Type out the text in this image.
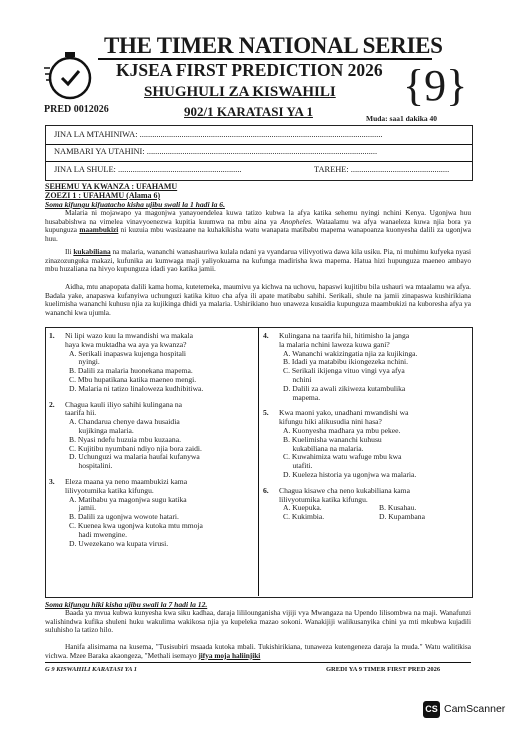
THE TIMER NATIONAL SERIES
KJSEA FIRST PREDICTION 2026
SHUGHULI ZA KISWAHILI
PRED 0012026	902/1 KARATASI YA 1	Muda: saa1 dakika 40
{9}
JINA LA MTAHINIWA: ....................................................................................................................
NAMBARI YA UTAHINI: ..............................................................................................................
JINA LA SHULE: ...........................................................	TAREHE: ...............................................
SEHEMU YA KWANZA : UFAHAMU
ZOEZI 1 : UFAHAMU (Alama 6)
Soma kifungu kifuatacho kisha ujibu swali la 1 hadi la 6.
Malaria ni mojawapo ya magonjwa yanayoendelea kuwa tatizo kubwa la afya katika sehemu nyingi nchini Kenya. Ugonjwa huu husababishwa na vimelea vinavyoenezwa kupitia kuumwa na mbu aina ya Anopheles. Wataalamu wa afya wanaeleza kuwa njia bora ya kupunguza maambukizi ni kuzuia mbu wasizaane na kuhakikisha watu wanapata matibabu mapema wanapoanza kuonyesha dalili za ugonjwa huu.
Ili kukabiliana na malaria, wananchi wanashauriwa kulala ndani ya vyandarua vilivyotiwa dawa kila usiku. Pia, ni muhimu kufyeka nyasi zinazozunguka makazi, kufunika au kumwaga maji yaliyokuama na kufunga madirisha kwa mapema. Hatua hizi hupunguza maeneo ambayo mbu huzaliana na hivyo kupunguza idadi yao katika jamii.
Aidha, mtu anapopata dalili kama homa, kutetemeka, maumivu ya kichwa na uchovu, hapaswi kujitibu bila ushauri wa mtaalamu wa afya. Badala yake, anapaswa kufanyiwa uchunguzi katika kituo cha afya ili apate matibabu sahihi. Serikali, shule na jamii zinapaswa kushirikiana kuelimisha wananchi kuhusu njia za kujikinga dhidi ya malaria. Ushirikiano huo unaweza kusaidia kupunguza maambukizi na kuboresha afya ya wananchi kwa ujumla.
1. Ni lipi wazo kuu la mwandishi wa makala
haya kwa muktadha wa aya ya kwanza?
A. Serikali inapaswa kujenga hospitali
nyingi.
B. Dalili za malaria huonekana mapema.
C. Mbu hupatikana katika maeneo mengi.
D. Malaria ni tatizo linaloweza kudhibitiwa.
2. Chagua kauli iliyo sahihi kulingana na
taarifa hii.
A. Chandarua chenye dawa husaidia
kujikinga malaria.
B. Nyasi ndefu huzuia mbu kuzaana.
C. Kujitibu nyumbani ndiyo njia bora zaidi.
D. Uchunguzi wa malaria haufai kufanywa
hospitalini.
3. Eleza maana ya neno maambukizi kama
lilivyotumika katika kifungu.
A. Matibabu ya magonjwa sugu katika
jamii.
B. Dalili za ugonjwa wowote hatari.
C. Kuenea kwa ugonjwa kutoka mtu mmoja
hadi mwengine.
D. Uwezekano wa kupata virusi.
4. Kulingana na taarifa hii, hitimisho la janga
la malaria nchini laweza kuwa gani?
A. Wananchi wakizingatia njia za kujikinga.
B. Idadi ya matabibu ikiongezeka nchini.
C. Serikali ikijenga vituo vingi vya afya
nchini
D. Dalili za awali zikiweza kutambulika
mapema.
5. Kwa maoni yako, unadhani mwandishi wa
kifungu hiki alikusudia nini hasa?
A. Kuonyesha madhara ya mbu pekee.
B. Kuelimisha wananchi kuhusu
kukabiliana na malaria.
C. Kuwahimiza watu wafuge mbu kwa
utafiti.
D. Kueleza historia ya ugonjwa wa malaria.
6. Chagua kisawe cha neno kukabiliana kama
lilivyotumika katika kifungu.
A. Kuepuka.	B. Kusahau.
C. Kukimbia.	D. Kupambana
Soma kifungu hiki kisha ujibu swali la 7 hadi la 12.
Baada ya mvua kubwa kunyesha kwa siku kadhaa, daraja lililounganisha vijiji vya Mwangaza na Upendo lilisombwa na maji. Wanafunzi walishindwa kufika shuleni huku wakulima wakikosa njia ya kupeleka mazao sokoni. Wanakijiji walikusanyika chini ya mti mkubwa kujadili suluhisho la tatizo hilo.
Hanifa alisimama na kusema, "Tusisubiri msaada kutoka mbali. Tukishirikiana, tunaweza kutengeneza daraja la muda." Watu walitikisa vichwa. Mzee Baraka akaongeza, "Methali isemayo jifya moja haliinjiki
G 9 KISWAHILI KARATASI YA 1	GREDI YA 9 TIMER FIRST PRED 2026
CS CamScanner
